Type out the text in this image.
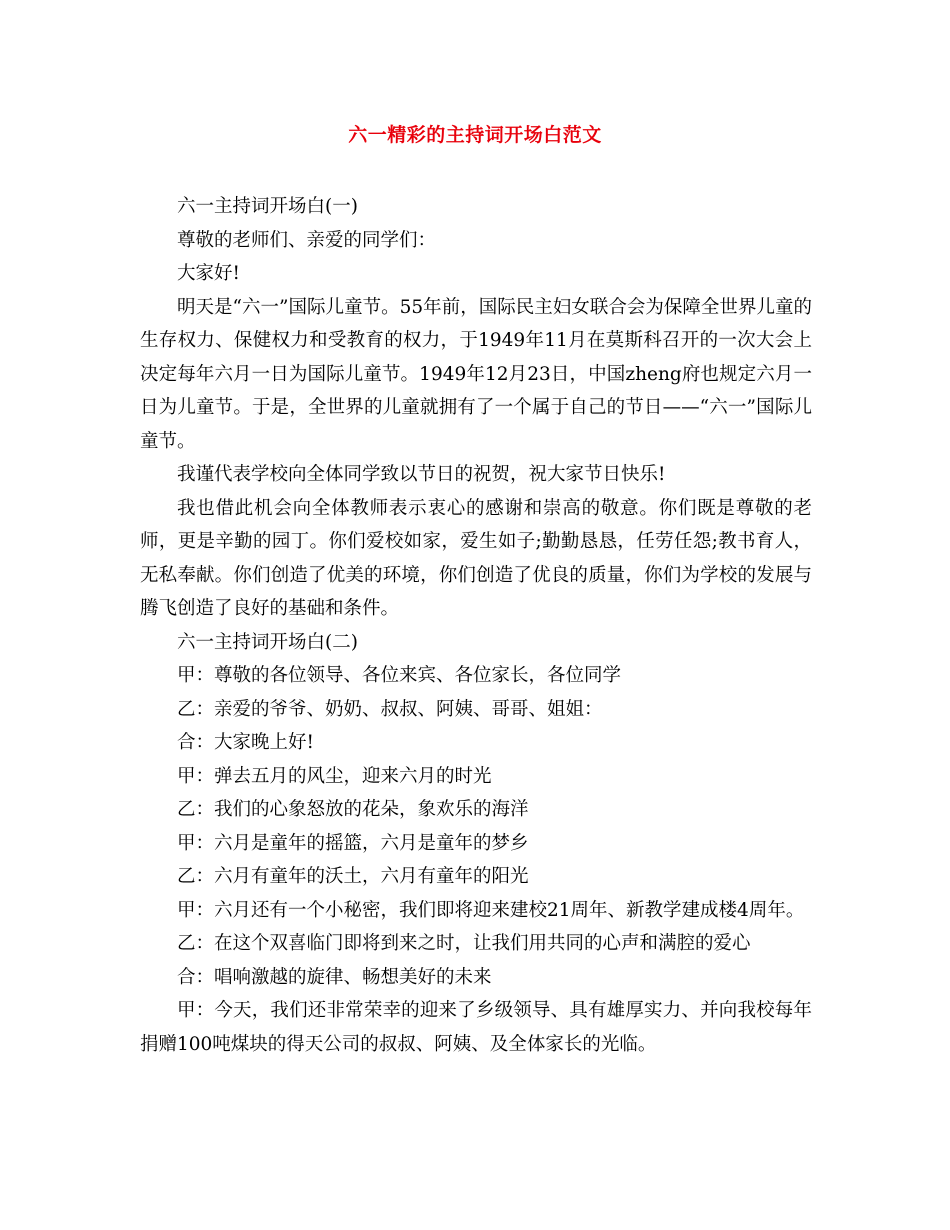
六一精彩的主持词开场白范文

六一主持词开场白(一)

尊敬的老师们、亲爱的同学们：

大家好!

明天是“六一”国际儿童节。55年前，国际民主妇女联合会为保障全世界儿童的生存权力、保健权力和受教育的权力，于1949年11月在莫斯科召开的一次大会上决定每年六月一日为国际儿童节。1949年12月23日，中国zheng府也规定六月一日为儿童节。于是，全世界的儿童就拥有了一个属于自己的节日——“六一”国际儿童节。

我谨代表学校向全体同学致以节日的祝贺，祝大家节日快乐!

我也借此机会向全体教师表示衷心的感谢和崇高的敬意。你们既是尊敬的老师，更是辛勤的园丁。你们爱校如家，爱生如子;勤勤恳恳，任劳任怨;教书育人，无私奉献。你们创造了优美的环境，你们创造了优良的质量，你们为学校的发展与腾飞创造了良好的基础和条件。

六一主持词开场白(二)

甲：尊敬的各位领导、各位来宾、各位家长，各位同学

乙：亲爱的爷爷、奶奶、叔叔、阿姨、哥哥、姐姐：

合：大家晚上好!

甲：弹去五月的风尘，迎来六月的时光

乙：我们的心象怒放的花朵，象欢乐的海洋

甲：六月是童年的摇篮，六月是童年的梦乡

乙：六月有童年的沃土，六月有童年的阳光

甲：六月还有一个小秘密，我们即将迎来建校21周年、新教学建成楼4周年。

乙：在这个双喜临门即将到来之时，让我们用共同的心声和满腔的爱心

合：唱响激越的旋律、畅想美好的未来

甲：今天，我们还非常荣幸的迎来了乡级领导、具有雄厚实力、并向我校每年捐赠100吨煤块的得天公司的叔叔、阿姨、及全体家长的光临。
